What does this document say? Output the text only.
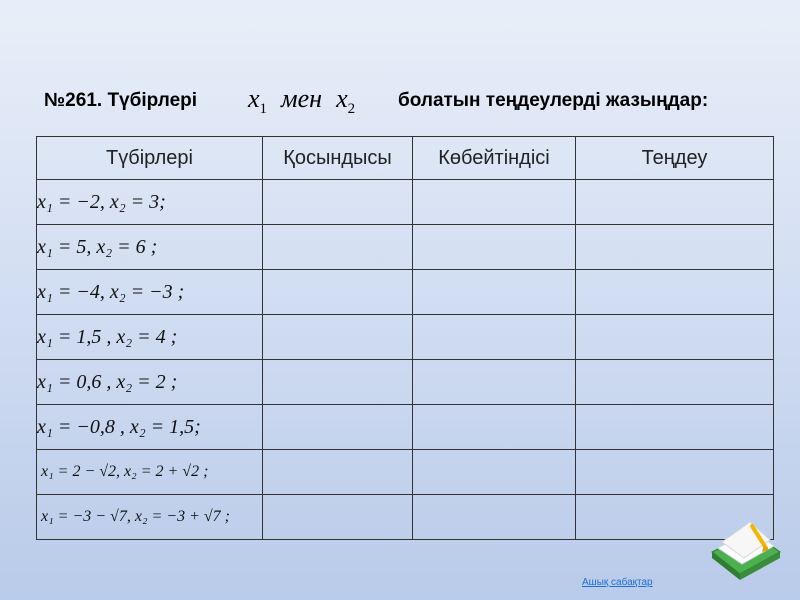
№261. Түбірлері $x_1$ мен $x_2$ болатын теңдеулерді жазыңдар:
Түбірлері	Қосындысы	Көбейтіндісі	Теңдеу
x₁ = −2, x₂ = 3;			
x₁ = 5, x₂ = 6 ;			
x₁ = −4, x₂ = −3 ;			
x₁ = 1,5 , x₂ = 4 ;			
x₁ = 0,6 , x₂ = 2 ;			
x₁ = −0,8 , x₂ = 1,5;			
x₁ = 2 − √2, x₂ = 2 + √2 ;			
x₁ = −3 − √7, x₂ = −3 + √7 ;			
Ашық сабақтар
